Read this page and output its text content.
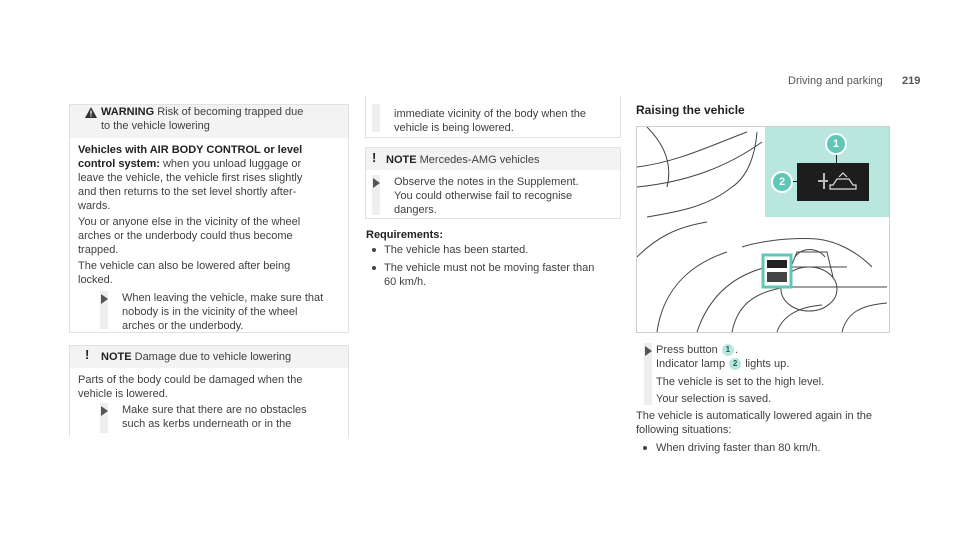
Driving and parking 219
WARNING Risk of becoming trapped due
to the vehicle lowering
Vehicles with AIR BODY CONTROL or level
control system: when you unload luggage or
leave the vehicle, the vehicle first rises slightly
and then returns to the set level shortly after-
wards.
You or anyone else in the vicinity of the wheel
arches or the underbody could thus become
trapped.
The vehicle can also be lowered after being
locked.
When leaving the vehicle, make sure that
nobody is in the vicinity of the wheel
arches or the underbody.
! NOTE Damage due to vehicle lowering
Parts of the body could be damaged when the
vehicle is lowered.
Make sure that there are no obstacles
such as kerbs underneath or in the
immediate vicinity of the body when the
vehicle is being lowered.
! NOTE Mercedes-AMG vehicles
Observe the notes in the Supplement.
You could otherwise fail to recognise
dangers.
Requirements:
The vehicle has been started.
The vehicle must not be moving faster than
60 km/h.
Raising the vehicle
1
2
Press button 1 .
Indicator lamp 2 lights up.
The vehicle is set to the high level.
Your selection is saved.
The vehicle is automatically lowered again in the
following situations:
When driving faster than 80 km/h.
